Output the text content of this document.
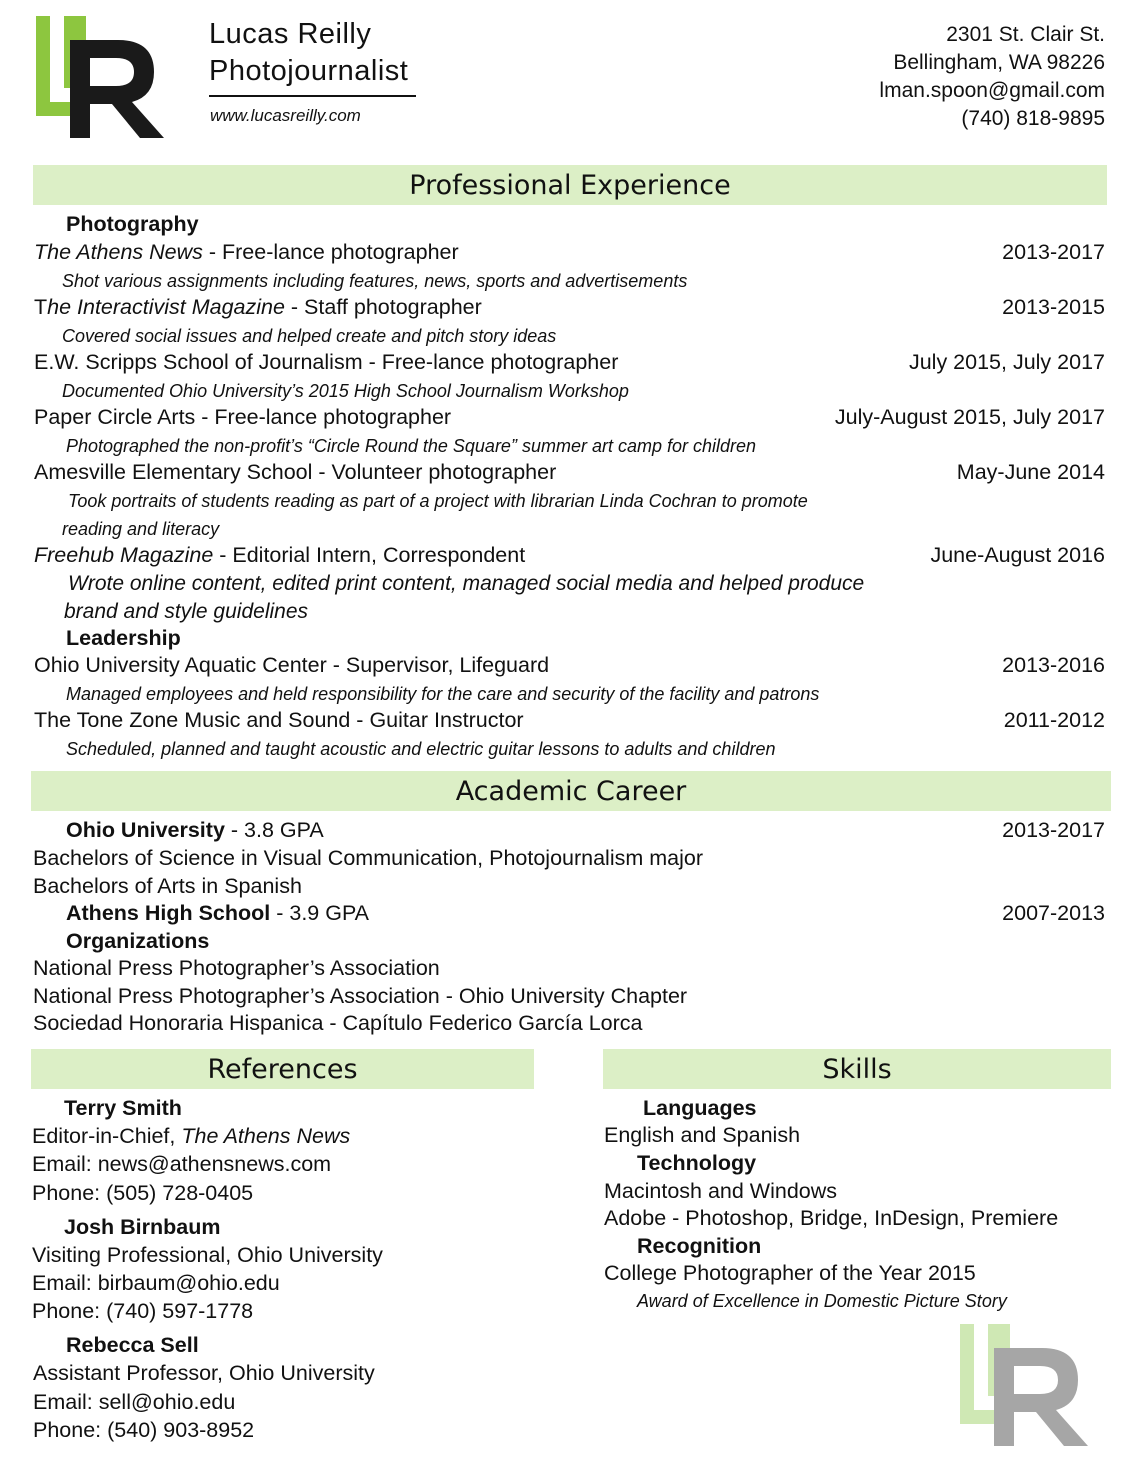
Lucas Reilly
Photojournalist
www.lucasreilly.com
2301 St. Clair St.
Bellingham, WA 98226
lman.spoon@gmail.com
(740) 818-9895
Professional Experience
Photography
The Athens News - Free-lance photographer	2013-2017
Shot various assignments including features, news, sports and advertisements
The Interactivist Magazine - Staff photographer	2013-2015
Covered social issues and helped create and pitch story ideas
E.W. Scripps School of Journalism - Free-lance photographer	July 2015, July 2017
Documented Ohio University’s 2015 High School Journalism Workshop
Paper Circle Arts - Free-lance photographer	July-August 2015, July 2017
Photographed the non-profit’s “Circle Round the Square” summer art camp for children
Amesville Elementary School - Volunteer photographer	May-June 2014
Took portraits of students reading as part of a project with librarian Linda Cochran to promote
reading and literacy
Freehub Magazine - Editorial Intern, Correspondent	June-August 2016
Wrote online content, edited print content, managed social media and helped produce
brand and style guidelines
Leadership
Ohio University Aquatic Center - Supervisor, Lifeguard	2013-2016
Managed employees and held responsibility for the care and security of the facility and patrons
The Tone Zone Music and Sound - Guitar Instructor	2011-2012
Scheduled, planned and taught acoustic and electric guitar lessons to adults and children
Academic Career
Ohio University - 3.8 GPA	2013-2017
Bachelors of Science in Visual Communication, Photojournalism major
Bachelors of Arts in Spanish
Athens High School - 3.9 GPA	2007-2013
Organizations
National Press Photographer’s Association
National Press Photographer’s Association - Ohio University Chapter
Sociedad Honoraria Hispanica - Capítulo Federico García Lorca
References
Terry Smith
Editor-in-Chief, The Athens News
Email: news@athensnews.com
Phone: (505) 728-0405
Josh Birnbaum
Visiting Professional, Ohio University
Email: birbaum@ohio.edu
Phone: (740) 597-1778
Rebecca Sell
Assistant Professor, Ohio University
Email: sell@ohio.edu
Phone: (540) 903-8952
Skills
Languages
English and Spanish
Technology
Macintosh and Windows
Adobe - Photoshop, Bridge, InDesign, Premiere
Recognition
College Photographer of the Year 2015
Award of Excellence in Domestic Picture Story
